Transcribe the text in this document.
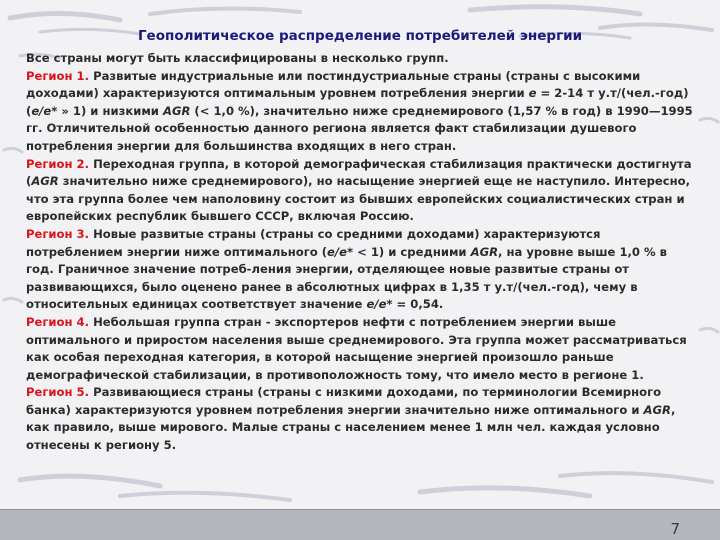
Геополитическое распределение потребителей энергии

Все страны могут быть классифицированы в несколько групп.

Регион 1. Развитые индустриальные или постиндустриальные страны (страны с высокими доходами) характеризуются оптимальным уровнем потребления энергии e = 2-14 т у.т/(чел.-год) (e/e* » 1) и низкими AGR (< 1,0 %), значительно ниже среднемирового (1,57 % в год) в 1990—1995 гг. Отличительной особенностью данного региона является факт стабилизации душевого потребления энергии для большинства входящих в него стран.

Регион 2. Переходная группа, в которой демографическая стабилизация практически достигнута (AGR значительно ниже среднемирового), но насыщение энергией еще не наступило. Интересно, что эта группа более чем наполовину состоит из бывших европейских социалистических стран и европейских республик бывшего СССР, включая Россию.

Регион 3. Новые развитые страны (страны со средними доходами) характеризуются потреблением энергии ниже оптимального (e/e* < 1) и средними AGR, на уровне выше 1,0 % в год. Граничное значение потреб-ления энергии, отделяющее новые развитые страны от развивающихся, было оценено ранее в абсолютных цифрах в 1,35 т у.т/(чел.-год), чему в относительных единицах соответствует значение e/e* = 0,54.

Регион 4. Небольшая группа стран - экспортеров нефти с потреблением энергии выше оптимального и приростом населения выше среднемирового. Эта группа может рассматриваться как особая переходная категория, в которой насыщение энергией произошло раньше демографической стабилизации, в противоположность тому, что имело место в регионе 1.

Регион 5. Развивающиеся страны (страны с низкими доходами, по терминологии Всемирного банка) характеризуются уровнем потребления энергии значительно ниже оптимального и AGR, как правило, выше мирового. Малые страны с населением менее 1 млн чел. каждая условно отнесены к региону 5.

7
